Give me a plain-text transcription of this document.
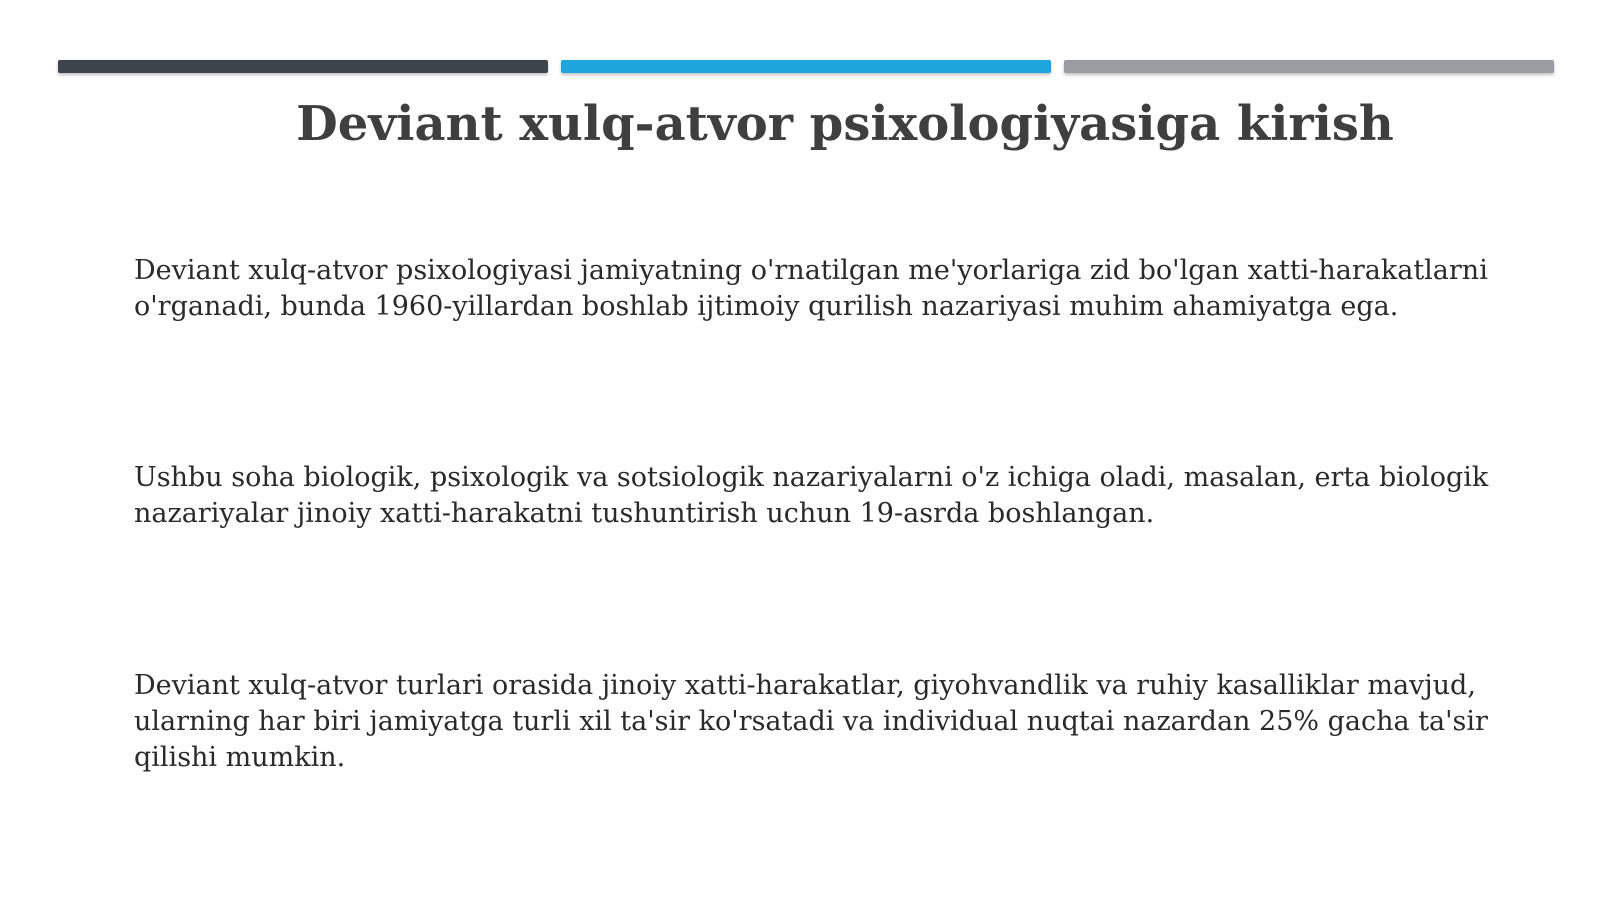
Deviant xulq-atvor psixologiyasiga kirish

Deviant xulq-atvor psixologiyasi jamiyatning o'rnatilgan me'yorlariga zid bo'lgan xatti-harakatlarni o'rganadi, bunda 1960-yillardan boshlab ijtimoiy qurilish nazariyasi muhim ahamiyatga ega.

Ushbu soha biologik, psixologik va sotsiologik nazariyalarni o'z ichiga oladi, masalan, erta biologik nazariyalar jinoiy xatti-harakatni tushuntirish uchun 19-asrda boshlangan.

Deviant xulq-atvor turlari orasida jinoiy xatti-harakatlar, giyohvandlik va ruhiy kasalliklar mavjud, ularning har biri jamiyatga turli xil ta'sir ko'rsatadi va individual nuqtai nazardan 25% gacha ta'sir qilishi mumkin.
